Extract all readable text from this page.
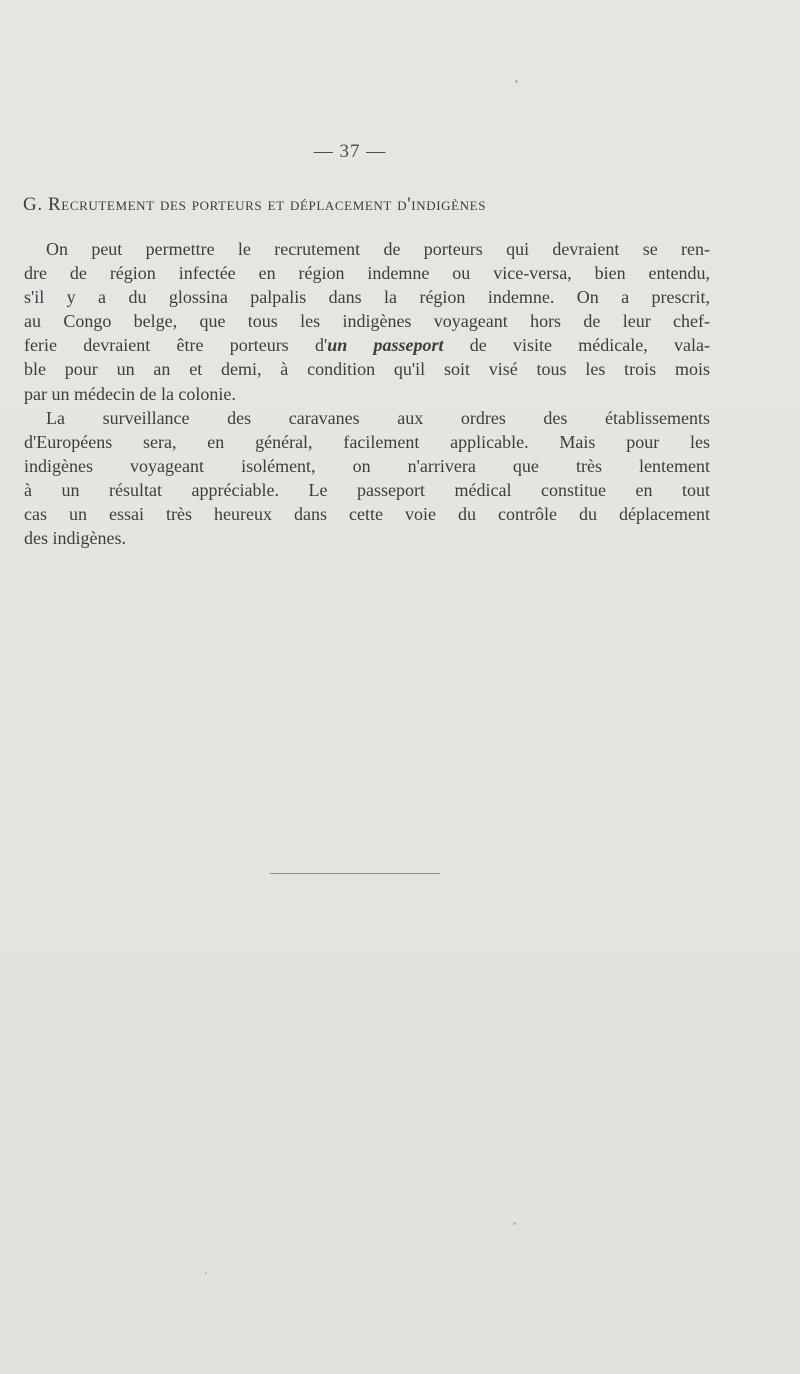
— 37 —
G. Recrutement des porteurs et déplacement d'indigènes
On peut permettre le recrutement de porteurs qui devraient se ren-
dre de région infectée en région indemne ou vice-versa, bien entendu,
s'il y a du glossina palpalis dans la région indemne. On a prescrit,
au Congo belge, que tous les indigènes voyageant hors de leur chef-
ferie devraient être porteurs d'un passeport de visite médicale, vala-
ble pour un an et demi, à condition qu'il soit visé tous les trois mois
par un médecin de la colonie.
La surveillance des caravanes aux ordres des établissements
d'Européens sera, en général, facilement applicable. Mais pour les
indigènes voyageant isolément, on n'arrivera que très lentement
à un résultat appréciable. Le passeport médical constitue en tout
cas un essai très heureux dans cette voie du contrôle du déplacement
des indigènes.
